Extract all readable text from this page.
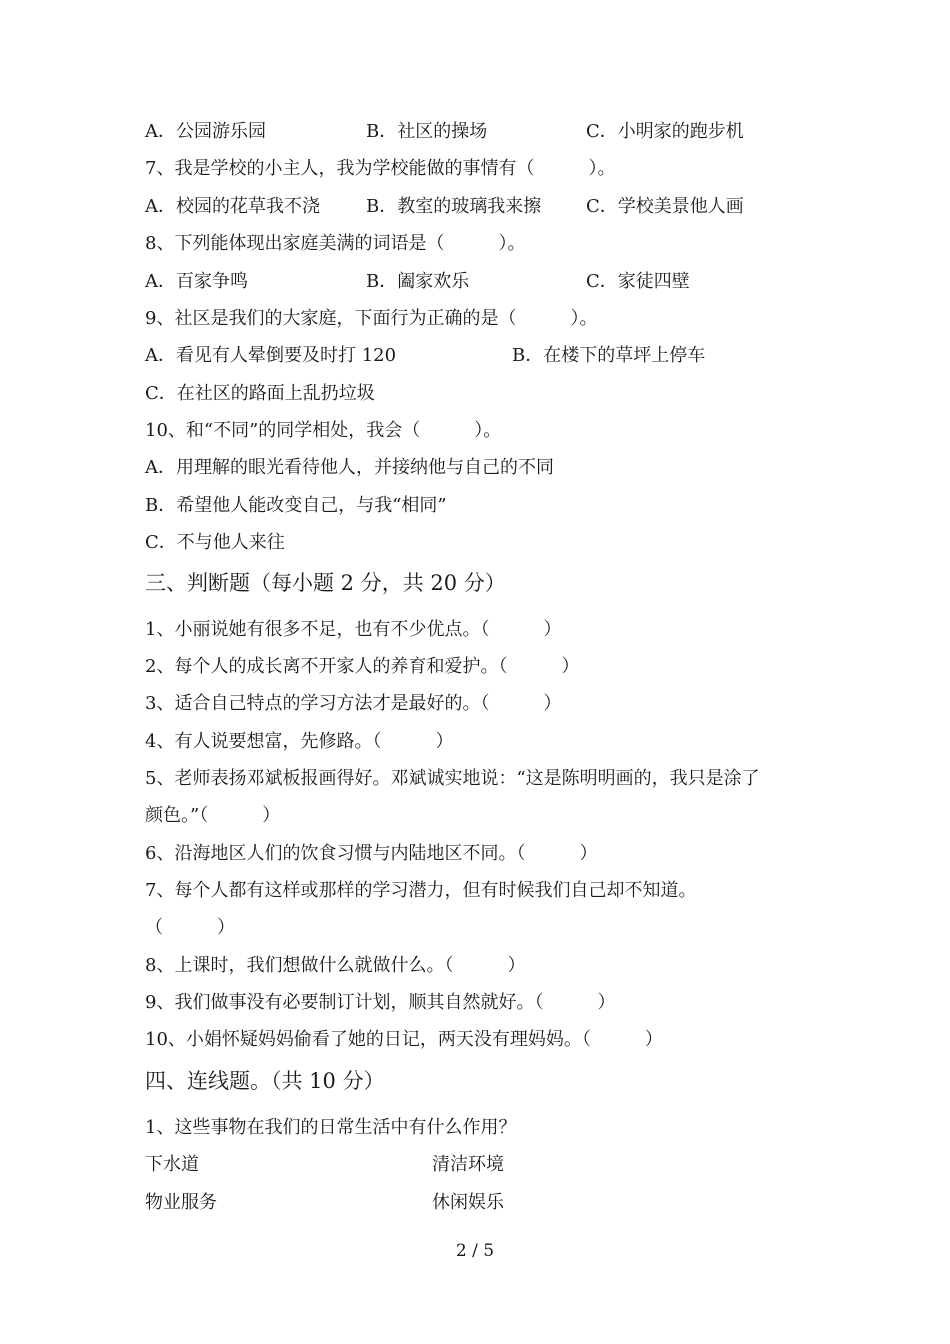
A．公园游乐园	B．社区的操场	C．小明家的跑步机
7、我是学校的小主人，我为学校能做的事情有（　　　）。
A．校园的花草我不浇	B．教室的玻璃我来擦 C．学校美景他人画
8、下列能体现出家庭美满的词语是（　　　）。
A．百家争鸣	B．阖家欢乐	C．家徒四壁
9、社区是我们的大家庭，下面行为正确的是（　　　）。
A．看见有人晕倒要及时打 120	B．在楼下的草坪上停车
C．在社区的路面上乱扔垃圾
10、和“不同”的同学相处，我会（　　　）。
A．用理解的眼光看待他人，并接纳他与自己的不同
B．希望他人能改变自己，与我“相同”
C．不与他人来往
三、判断题（每小题 2 分，共 20 分）
1、小丽说她有很多不足，也有不少优点。（　　　）
2、每个人的成长离不开家人的养育和爱护。（　　　）
3、适合自己特点的学习方法才是最好的。（　　　）
4、有人说要想富，先修路。（　　　）
5、老师表扬邓斌板报画得好。邓斌诚实地说：“这是陈明明画的，我只是涂了
颜色。”（　　　）
6、沿海地区人们的饮食习惯与内陆地区不同。（　　　）
7、每个人都有这样或那样的学习潜力，但有时候我们自己却不知道。
（　　　）
8、上课时，我们想做什么就做什么。（　　　）
9、我们做事没有必要制订计划，顺其自然就好。（　　　）
10、小娟怀疑妈妈偷看了她的日记，两天没有理妈妈。（　　　）
四、连线题。（共 10 分）
1、这些事物在我们的日常生活中有什么作用？
下水道	清洁环境
物业服务	休闲娱乐
2 / 5
